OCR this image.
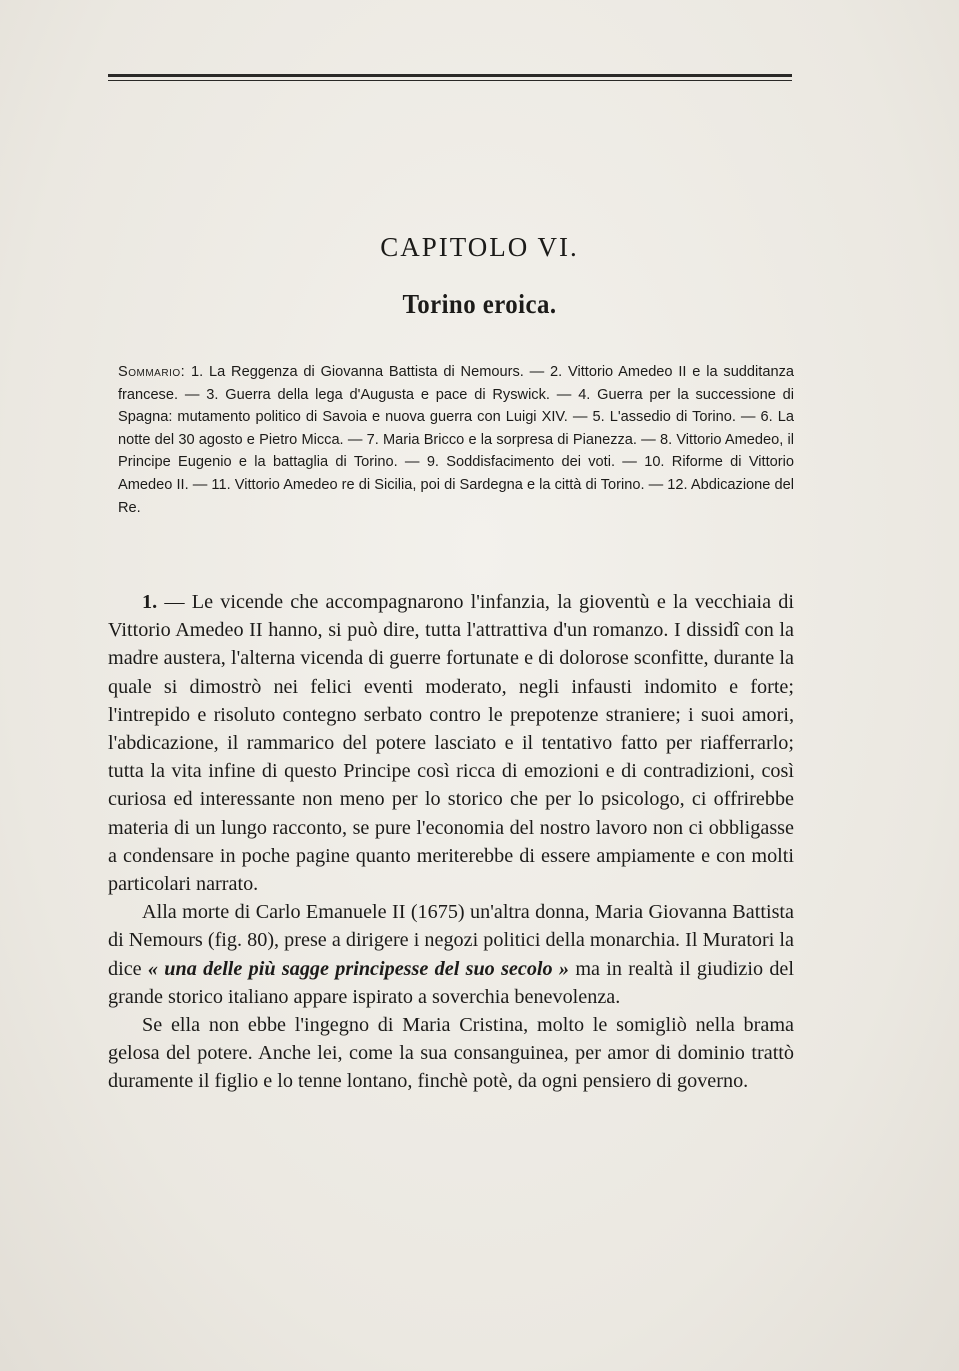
CAPITOLO VI.
Torino eroica.
Sommario: 1. La Reggenza di Giovanna Battista di Nemours. — 2. Vittorio Amedeo II e la sudditanza francese. — 3. Guerra della lega d'Augusta e pace di Ryswick. — 4. Guerra per la successione di Spagna: mutamento politico di Savoia e nuova guerra con Luigi XIV. — 5. L'assedio di Torino. — 6. La notte del 30 agosto e Pietro Micca. — 7. Maria Bricco e la sorpresa di Pianezza. — 8. Vittorio Amedeo, il Principe Eugenio e la battaglia di Torino. — 9. Soddisfacimento dei voti. — 10. Riforme di Vittorio Amedeo II. — 11. Vittorio Amedeo re di Sicilia, poi di Sardegna e la città di Torino. — 12. Abdicazione del Re.

1. — Le vicende che accompagnarono l'infanzia, la gioventù e la vecchiaia di Vittorio Amedeo II hanno, si può dire, tutta l'attrattiva d'un romanzo. I dissidî con la madre austera, l'alterna vicenda di guerre fortunate e di dolorose sconfitte, durante la quale si dimostrò nei felici eventi moderato, negli infausti indomito e forte; l'intrepido e risoluto contegno serbato contro le prepotenze straniere; i suoi amori, l'abdicazione, il rammarico del potere lasciato e il tentativo fatto per riafferrarlo; tutta la vita infine di questo Principe così ricca di emozioni e di contradizioni, così curiosa ed interessante non meno per lo storico che per lo psicologo, ci offrirebbe materia di un lungo racconto, se pure l'economia del nostro lavoro non ci obbligasse a condensare in poche pagine quanto meriterebbe di essere ampiamente e con molti particolari narrato.

Alla morte di Carlo Emanuele II (1675) un'altra donna, Maria Giovanna Battista di Nemours (fig. 80), prese a dirigere i negozi politici della monarchia. Il Muratori la dice « una delle più sagge principesse del suo secolo » ma in realtà il giudizio del grande storico italiano appare ispirato a soverchia benevolenza.

Se ella non ebbe l'ingegno di Maria Cristina, molto le somigliò nella brama gelosa del potere. Anche lei, come la sua consanguinea, per amor di dominio trattò duramente il figlio e lo tenne lontano, finchè potè, da ogni pensiero di governo.
